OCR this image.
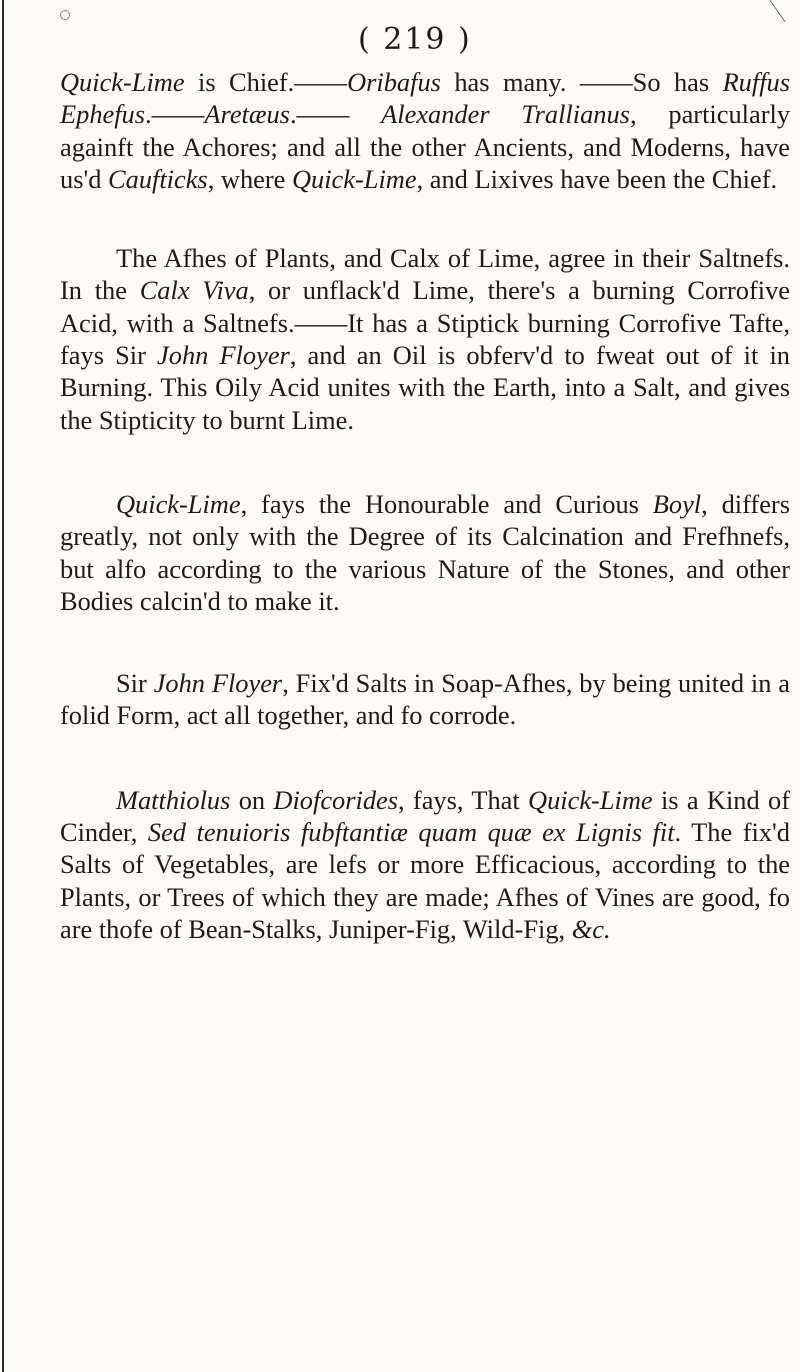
( 219 )

Quick-Lime is Chief.——Oribafus has many. ——So has Ruffus Ephefus.——Aretæus.—— Alexander Trallianus, particularly againft the Achores; and all the other Ancients, and Moderns, have us'd Caufticks, where Quick-Lime, and Lixives have been the Chief.

The Afhes of Plants, and Calx of Lime, agree in their Saltnefs. In the Calx Viva, or unflack'd Lime, there's a burning Corrofive Acid, with a Saltnefs.——It has a Stiptick burning Corrofive Tafte, fays Sir John Floyer, and an Oil is obferv'd to fweat out of it in Burning. This Oily Acid unites with the Earth, into a Salt, and gives the Stipticity to burnt Lime.

Quick-Lime, fays the Honourable and Curious Boyl, differs greatly, not only with the Degree of its Calcination and Frefhnefs, but alfo according to the various Nature of the Stones, and other Bodies calcin'd to make it.

Sir John Floyer, Fix'd Salts in Soap-Afhes, by being united in a folid Form, act all together, and fo corrode.

Matthiolus on Diofcorides, fays, That Quick-Lime is a Kind of Cinder, Sed tenuioris fubftantiæ quam quæ ex Lignis fit. The fix'd Salts of Vegetables, are lefs or more Efficacious, according to the Plants, or Trees of which they are made; Afhes of Vines are good, fo are thofe of Bean-Stalks, Juniper-Fig, Wild-Fig, &c.
